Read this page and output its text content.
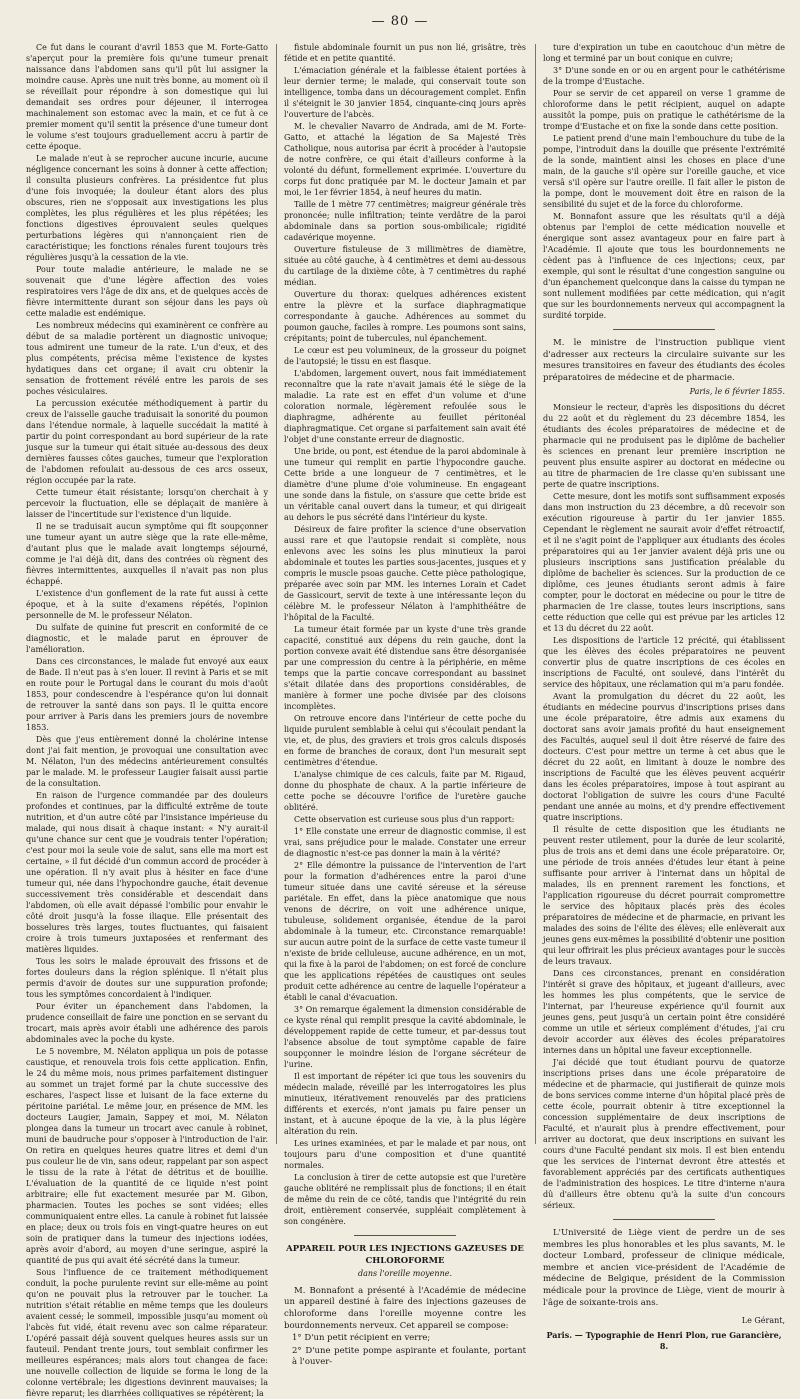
— 80 —

Ce fut dans le courant d'avril 1853 que M. Forte-Gatto s'aperçut pour la première fois qu'une tumeur prenait naissance dans l'abdomen sans qu'il pût lui assigner la moindre cause. Après une nuit très bonne, au moment où il se réveillait pour répondre à son domestique qui lui demandait ses ordres pour déjeuner, il interrogea machinalement son estomac avec la main, et ce fut à ce premier moment qu'il sentit la présence d'une tumeur dont le volume s'est toujours graduellement accru à partir de cette époque.

Le malade n'eut à se reprocher aucune incurie, aucune négligence concernant les soins à donner à cette affection; il consulta plusieurs confrères. La présidentce fut plus d'une fois invoquée; la douleur étant alors des plus obscures, rien ne s'opposait aux investigations les plus complètes, les plus régulières et les plus répétées; les fonctions digestives éprouvaient seules quelques perturbations légères qui n'annonçaient rien de caractéristique; les fonctions rénales furent toujours très régulières jusqu'à la cessation de la vie.

Pour toute maladie antérieure, le malade ne se souvenait que d'une légère affection des voies respiratoires vers l'âge de dix ans, et de quelques accès de fièvre intermittente durant son séjour dans les pays où cette maladie est endémique.

Les nombreux médecins qui examinèrent ce confrère au début de sa maladie portèrent un diagnostic univoque; tous admirent une tumeur de la rate. L'un d'eux, et des plus compétents, précisa même l'existence de kystes hydatiques dans cet organe; il avait cru obtenir la sensation de frottement révélé entre les parois de ses poches vésiculaires.

La percussion exécutée méthodiquement à partir du creux de l'aisselle gauche traduisait la sonorité du poumon dans l'étendue normale, à laquelle succédait la matité à partir du point correspondant au bord supérieur de la rate jusque sur la tumeur qui était située au-dessous des deux dernières fausses côtes gauches, tumeur que l'exploration de l'abdomen refoulait au-dessous de ces arcs osseux, région occupée par la rate.

Cette tumeur était résistante; lorsqu'on cherchait à y percevoir la fluctuation, elle se déplaçait de manière à laisser de l'incertitude sur l'existence d'un liquide.

Il ne se traduisait aucun symptôme qui fît soupçonner une tumeur ayant un autre siège que la rate elle-même, d'autant plus que le malade avait longtemps séjourné, comme je l'ai déjà dit, dans des contrées où règnent des fièvres intermittentes, auxquelles il n'avait pas non plus échappé.

L'existence d'un gonflement de la rate fut aussi à cette époque, et à la suite d'examens répétés, l'opinion personnelle de M. le professeur Nélaton.

Du sulfate de quinine fut prescrit en conformité de ce diagnostic, et le malade parut en éprouver de l'amélioration.

Dans ces circonstances, le malade fut envoyé aux eaux de Bade. Il n'eut pas à s'en louer. Il revint à Paris et se mit en route pour le Portugal dans le courant du mois d'août 1853, pour condescendre à l'espérance qu'on lui donnait de retrouver la santé dans son pays. Il le quitta encore pour arriver à Paris dans les premiers jours de novembre 1853.

Dès que j'eus entièrement donné la cholérine intense dont j'ai fait mention, je provoquai une consultation avec M. Nélaton, l'un des médecins antérieurement consultés par le malade. M. le professeur Laugier faisait aussi partie de la consultation.

En raison de l'urgence commandée par des douleurs profondes et continues, par la difficulté extrême de toute nutrition, et d'un autre côté par l'insistance impérieuse du malade, qui nous disait à chaque instant: « N'y aurait-il qu'une chance sur cent que je voudrais tenter l'opération; c'est pour moi la seule voie de salut, sans elle ma mort est certaine, » il fut décidé d'un commun accord de procéder à une opération. Il n'y avait plus à hésiter en face d'une tumeur qui, née dans l'hypochondre gauche, était devenue successivement très considérable et descendait dans l'abdomen, où elle avait dépassé l'ombilic pour envahir le côté droit jusqu'à la fosse iliaque. Elle présentait des bosselures très larges, toutes fluctuantes, qui faisaient croire à trois tumeurs juxtaposées et renfermant des matières liquides.

Tous les soirs le malade éprouvait des frissons et de fortes douleurs dans la région splénique. Il n'était plus permis d'avoir de doutes sur une suppuration profonde; tous les symptômes concordaient à l'indiquer.

Pour éviter un épanchement dans l'abdomen, la prudence conseillait de faire une ponction en se servant du trocart, mais après avoir établi une adhérence des parois abdominales avec la poche du kyste.

Le 5 novembre, M. Nélaton appliqua un pois de potasse caustique, et renouvela trois fois cette application. Enfin, le 24 du même mois, nous primes parfaitement distinguer au sommet un trajet formé par la chute successive des eschares, l'aspect lisse et luisant de la face externe du péritoine pariétal. Le même jour, en présence de MM. les docteurs Laugier, Jamain, Sappey et moi, M. Nélaton plongea dans la tumeur un trocart avec canule à robinet, muni de baudruche pour s'opposer à l'introduction de l'air. On retira en quelques heures quatre litres et demi d'un pus couleur lie de vin, sans odeur, rappelant par son aspect le tissu de la rate à l'état de détritus et de bouillie. L'évaluation de la quantité de ce liquide n'est point arbitraire; elle fut exactement mesurée par M. Gibon, pharmacien. Toutes les poches se sont vidées; elles communiquaient entre elles. La canule à robinet fut laissée en place; deux ou trois fois en vingt-quatre heures on eut soin de pratiquer dans la tumeur des injections iodées, après avoir d'abord, au moyen d'une seringue, aspiré la quantité de pus qui avait été sécrété dans la tumeur.

Sous l'influence de ce traitement méthodiquement conduit, la poche purulente revint sur elle-même au point qu'on ne pouvait plus la retrouver par le toucher. La nutrition s'était rétablie en même temps que les douleurs avaient cessé; le sommeil, impossible jusqu'au moment où l'abcès fut vidé, était revenu avec son calme réparateur. L'opéré passait déjà souvent quelques heures assis sur un fauteuil. Pendant trente jours, tout semblait confirmer les meilleures espérances; mais alors tout changea de face: une nouvelle collection de liquide se forma le long de la colonne vertébrale; les digestions devinrent mauvaises; la fièvre reparut; les diarrhées colliquatives se répétèrent; la

fistule abdominale fournit un pus non lié, grisâtre, très fétide et en petite quantité.

L'émaciation générale et la faiblesse étaient portées à leur dernier terme; le malade, qui conservait toute son intelligence, tomba dans un découragement complet. Enfin il s'éteignit le 30 janvier 1854, cinquante-cinq jours après l'ouverture de l'abcès.

M. le chevalier Navarro de Andrada, ami de M. Forte-Gatto, et attaché la légation de Sa Majesté Très Catholique, nous autorisa par écrit à procéder à l'autopsie de notre confrère, ce qui était d'ailleurs conforme à la volonté du défunt, formellement exprimée. L'ouverture du corps fut donc pratiquée par M. le docteur Jamain et par moi, le 1er février 1854, à neuf heures du matin.

Taille de 1 mètre 77 centimètres; maigreur générale très prononcée; nulle infiltration; teinte verdâtre de la paroi abdominale dans sa portion sous-ombilicale; rigidité cadavérique moyenne.

Ouverture fistuleuse de 3 millimètres de diamètre, située au côté gauche, à 4 centimètres et demi au-dessous du cartilage de la dixième côte, à 7 centimètres du raphé médian.

Ouverture du thorax: quelques adhérences existent entre la plèvre et la surface diaphragmatique correspondante à gauche. Adhérences au sommet du poumon gauche, faciles à rompre. Les poumons sont sains, crépitants; point de tubercules, nul épanchement.

Le cœur est peu volumineux, de la grosseur du poignet de l'autopsié; le tissu en est flasque.

L'abdomen, largement ouvert, nous fait immédiatement reconnaître que la rate n'avait jamais été le siège de la maladie. La rate est en effet d'un volume et d'une coloration normale, légèrement refoulée sous le diaphragme, adhérente au feuillet péritonéal diaphragmatique. Cet organe si parfaitement sain avait été l'objet d'une constante erreur de diagnostic.

Une bride, ou pont, est étendue de la paroi abdominale à une tumeur qui remplit en partie l'hypocondre gauche. Cette bride a une longueur de 7 centimètres, et le diamètre d'une plume d'oie volumineuse. En engageant une sonde dans la fistule, on s'assure que cette bride est un véritable canal ouvert dans la tumeur, et qui dirigeait au dehors le pus sécrété dans l'intérieur du kyste.

Désireux de faire profiter la science d'une observation aussi rare et que l'autopsie rendait si complète, nous enlevons avec les soins les plus minutieux la paroi abdominale et toutes les parties sous-jacentes, jusques et y compris le muscle psoas gauche. Cette pièce pathologique, préparée avec soin par MM. les internes Lorain et Cadet de Gassicourt, servit de texte à une intéressante leçon du célèbre M. le professeur Nélaton à l'amphithéâtre de l'hôpital de la Faculté.

La tumeur était formée par un kyste d'une très grande capacité, constitué aux dépens du rein gauche, dont la portion convexe avait été distendue sans être désorganisée par une compression du centre à la périphérie, en même temps que la partie concave correspondant au bassinet s'était dilatée dans des proportions considérables, de manière à former une poche divisée par des cloisons incomplètes.

On retrouve encore dans l'intérieur de cette poche du liquide purulent semblable à celui qui s'écoulait pendant la vie, et, de plus, des graviers et trois gros calculs disposés en forme de branches de coraux, dont l'un mesurait sept centimètres d'étendue.

L'analyse chimique de ces calculs, faite par M. Rigaud, donne du phosphate de chaux. A la partie inférieure de cette poche se découvre l'orifice de l'uretère gauche oblitéré.

Cette observation est curieuse sous plus d'un rapport:

1° Elle constate une erreur de diagnostic commise, il est vrai, sans préjudice pour le malade. Constater une erreur de diagnostic n'est-ce pas donner la main à la vérité?

2° Elle démontre la puissance de l'intervention de l'art pour la formation d'adhérences entre la paroi d'une tumeur située dans une cavité séreuse et la séreuse pariétale. En effet, dans la pièce anatomique que nous venons de décrire, on voit une adhérence unique, tubuleuse, solidement organisée, étendue de la paroi abdominale à la tumeur, etc. Circonstance remarquable! sur aucun autre point de la surface de cette vaste tumeur il n'existe de bride celluleuse, aucune adhérence, en un mot, qui la fixe à la paroi de l'abdomen; on est forcé de conclure que les applications répétées de caustiques ont seules produit cette adhérence au centre de laquelle l'opérateur a établi le canal d'évacuation.

3° On remarque également la dimension considérable de ce kyste rénal qui remplit presque la cavité abdominale, le développement rapide de cette tumeur, et par-dessus tout l'absence absolue de tout symptôme capable de faire soupçonner le moindre lésion de l'organe sécréteur de l'urine.

Il est important de répéter ici que tous les souvenirs du médecin malade, réveillé par les interrogatoires les plus minutieux, itérativement renouvelés par des praticiens différents et exercés, n'ont jamais pu faire penser un instant, et à aucune époque de la vie, à la plus légère altération du rein.

Les urines examinées, et par le malade et par nous, ont toujours paru d'une composition et d'une quantité normales.

La conclusion à tirer de cette autopsie est que l'uretère gauche oblitéré ne remplissait plus de fonctions; il en était de même du rein de ce côté, tandis que l'intégrité du rein droit, entièrement conservée, suppléait complètement à son congénère.

APPAREIL POUR LES INJECTIONS GAZEUSES DE CHLOROFORME
dans l'oreille moyenne.

M. Bonnafont a présenté à l'Académie de médecine un appareil destiné à faire des injections gazeuses de chloroforme dans l'oreille moyenne contre les bourdonnements nerveux. Cet appareil se compose:

1° D'un petit récipient en verre;

2° D'une petite pompe aspirante et foulante, portant à l'ouver-

ture d'expiration un tube en caoutchouc d'un mètre de long et terminé par un bout conique en cuivre;

3° D'une sonde en or ou en argent pour le cathétérisme de la trompe d'Eustache.

Pour se servir de cet appareil on verse 1 gramme de chloroforme dans le petit récipient, auquel on adapte aussitôt la pompe, puis on pratique le cathétérisme de la trompe d'Eustache et on fixe la sonde dans cette position.

Le patient prend d'une main l'embouchure du tube de la pompe, l'introduit dans la douille que présente l'extrémité de la sonde, maintient ainsi les choses en place d'une main, de la gauche s'il opère sur l'oreille gauche, et vice versâ s'il opère sur l'autre oreille. Il fait aller le piston de la pompe, dont le mouvement doit être en raison de la sensibilité du sujet et de la force du chloroforme.

M. Bonnafont assure que les résultats qu'il a déjà obtenus par l'emploi de cette médication nouvelle et énergique sont assez avantageux pour en faire part à l'Académie. Il ajoute que tous les bourdonnements ne cèdent pas à l'influence de ces injections; ceux, par exemple, qui sont le résultat d'une congestion sanguine ou d'un épanchement quelconque dans la caisse du tympan ne sont nullement modifiées par cette médication, qui n'agit que sur les bourdonnements nerveux qui accompagnent la surdité torpide.

M. le ministre de l'instruction publique vient d'adresser aux recteurs la circulaire suivante sur les mesures transitoires en faveur des étudiants des écoles préparatoires de médecine et de pharmacie.

Paris, le 6 février 1855.

Monsieur le recteur, d'après les dispositions du décret du 22 août et du règlement du 23 décembre 1854, les étudiants des écoles préparatoires de médecine et de pharmacie qui ne produisent pas le diplôme de bachelier ès sciences en prenant leur première inscription ne peuvent plus ensuite aspirer au doctorat en médecine ou au titre de pharmacien de 1re classe qu'en subissant une perte de quatre inscriptions.

Cette mesure, dont les motifs sont suffisamment exposés dans mon instruction du 23 décembre, a dû recevoir son exécution rigoureuse à partir du 1er janvier 1855. Cependant le règlement ne saurait avoir d'effet rétroactif, et il ne s'agit point de l'appliquer aux étudiants des écoles préparatoires qui au 1er janvier avaient déjà pris une ou plusieurs inscriptions sans justification préalable du diplôme de bachelier ès sciences. Sur la production de ce diplôme, ces jeunes étudiants seront admis à faire compter, pour le doctorat en médecine ou pour le titre de pharmacien de 1re classe, toutes leurs inscriptions, sans cette réduction que celle qui est prévue par les articles 12 et 13 du décret du 22 août.

Les dispositions de l'article 12 précité, qui établissent que les élèves des écoles préparatoires ne peuvent convertir plus de quatre inscriptions de ces écoles en inscriptions de Faculté, ont soulevé, dans l'intérêt du service des hôpitaux, une réclamation qui m'a paru fondée.

Avant la promulgation du décret du 22 août, les étudiants en médecine pourvus d'inscriptions prises dans une école préparatoire, être admis aux examens du doctorat sans avoir jamais profité du haut enseignement des Facultés, auquel seul il doit être réservé de faire des docteurs. C'est pour mettre un terme à cet abus que le décret du 22 août, en limitant à douze le nombre des inscriptions de Faculté que les élèves peuvent acquérir dans les écoles préparatoires, impose à tout aspirant au doctorat l'obligation de suivre les cours d'une Faculté pendant une année au moins, et d'y prendre effectivement quatre inscriptions.

Il résulte de cette disposition que les étudiants ne peuvent rester utilement, pour la durée de leur scolarité, plus de trois ans et demi dans une école préparatoire. Or, une période de trois années d'études leur étant à peine suffisante pour arriver à l'internat dans un hôpital de malades, ils en prennent rarement les fonctions, et l'application rigoureuse du décret pourrait compromettre le service des hôpitaux placés près des écoles préparatoires de médecine et de pharmacie, en privant les malades des soins de l'élite des élèves; elle enlèverait aux jeunes gens eux-mêmes la possibilité d'obtenir une position qui leur offrirait les plus précieux avantages pour le succès de leurs travaux.

Dans ces circonstances, prenant en considération l'intérêt si grave des hôpitaux, et jugeant d'ailleurs, avec les hommes les plus compétents, que le service de l'internat, par l'heureuse expérience qu'il fournit aux jeunes gens, peut jusqu'à un certain point être considéré comme un utile et sérieux complément d'études, j'ai cru devoir accorder aux élèves des écoles préparatoires internes dans un hôpital une faveur exceptionnelle.

J'ai décidé que tout étudiant pourvu de quatorze inscriptions prises dans une école préparatoire de médecine et de pharmacie, qui justifierait de quinze mois de bons services comme interne d'un hôpital placé près de cette école, pourrait obtenir à titre exceptionnel la concession supplémentaire de deux inscriptions de Faculté, et n'aurait plus à prendre effectivement, pour arriver au doctorat, que deux inscriptions en suivant les cours d'une Faculté pendant six mois. Il est bien entendu que les services de l'internat devront être attestés et favorablement appréciés par des certificats authentiques de l'administration des hospices. Le titre d'interne n'aura dû d'ailleurs être obtenu qu'à la suite d'un concours sérieux.

L'Université de Liège vient de perdre un de ses membres les plus honorables et les plus savants, M. le docteur Lombard, professeur de clinique médicale, membre et ancien vice-président de l'Académie de médecine de Belgique, président de la Commission médicale pour la province de Liège, vient de mourir à l'âge de soixante-trois ans.

Le Gérant,
Paris. — Typographie de Henri Plon, rue Garancière, 8.
